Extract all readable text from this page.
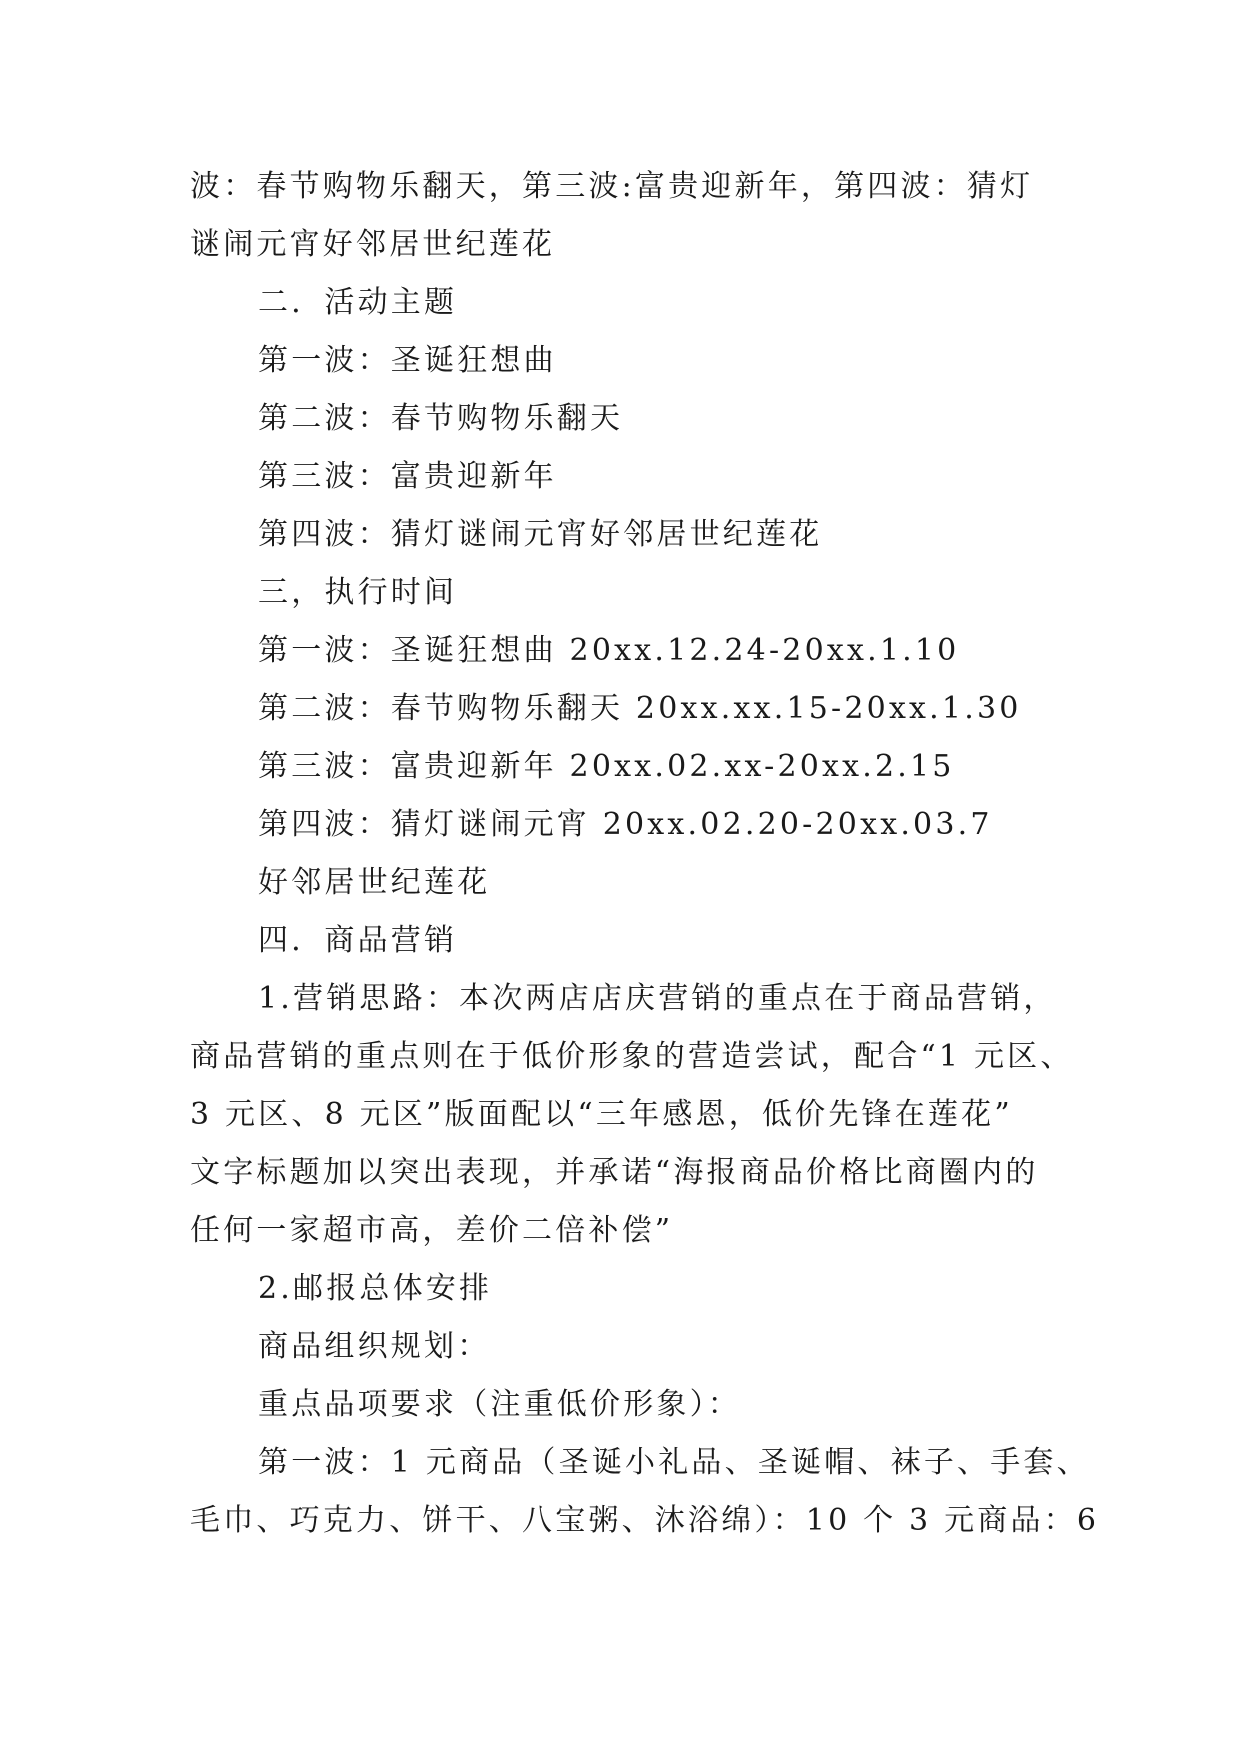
波：春节购物乐翻天，第三波:富贵迎新年，第四波：猜灯
谜闹元宵好邻居世纪莲花
二．活动主题
第一波：圣诞狂想曲
第二波：春节购物乐翻天
第三波：富贵迎新年
第四波：猜灯谜闹元宵好邻居世纪莲花
三，执行时间
第一波：圣诞狂想曲 20xx.12.24-20xx.1.10
第二波：春节购物乐翻天 20xx.xx.15-20xx.1.30
第三波：富贵迎新年 20xx.02.xx-20xx.2.15
第四波：猜灯谜闹元宵 20xx.02.20-20xx.03.7
好邻居世纪莲花
四．商品营销
1.营销思路：本次两店店庆营销的重点在于商品营销，
商品营销的重点则在于低价形象的营造尝试，配合“1 元区、
3 元区、8 元区”版面配以“三年感恩，低价先锋在莲花”
文字标题加以突出表现，并承诺“海报商品价格比商圈内的
任何一家超市高，差价二倍补偿”
2.邮报总体安排
商品组织规划：
重点品项要求（注重低价形象）：
第一波：1 元商品（圣诞小礼品、圣诞帽、袜子、手套、
毛巾、巧克力、饼干、八宝粥、沐浴绵）：10 个 3 元商品：6
